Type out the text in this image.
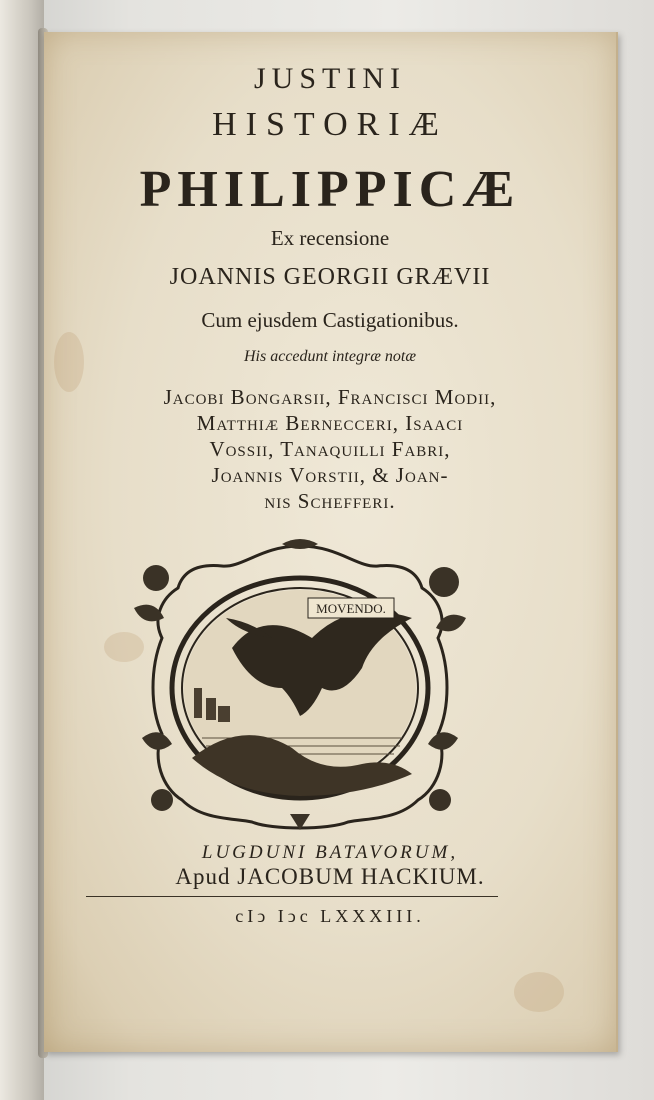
JUSTINI

HISTORIÆ

PHILIPPICÆ

Ex recensione

JOANNIS GEORGII GRÆVII

Cum ejusdem Castigationibus.

His accedunt integræ notæ

Jacobi Bongarsii, Francisci Modii,
Matthiæ Bernecceri, Isaaci
Vossii, Tanaquilli Fabri,
Joannis Vorstii, & Joan-
nis Schefferi.
MOVENDO.

LUGDUNI BATAVORUM,

Apud JACOBUM HACKIUM.

cIↄ Iↄc LXXXIII.
